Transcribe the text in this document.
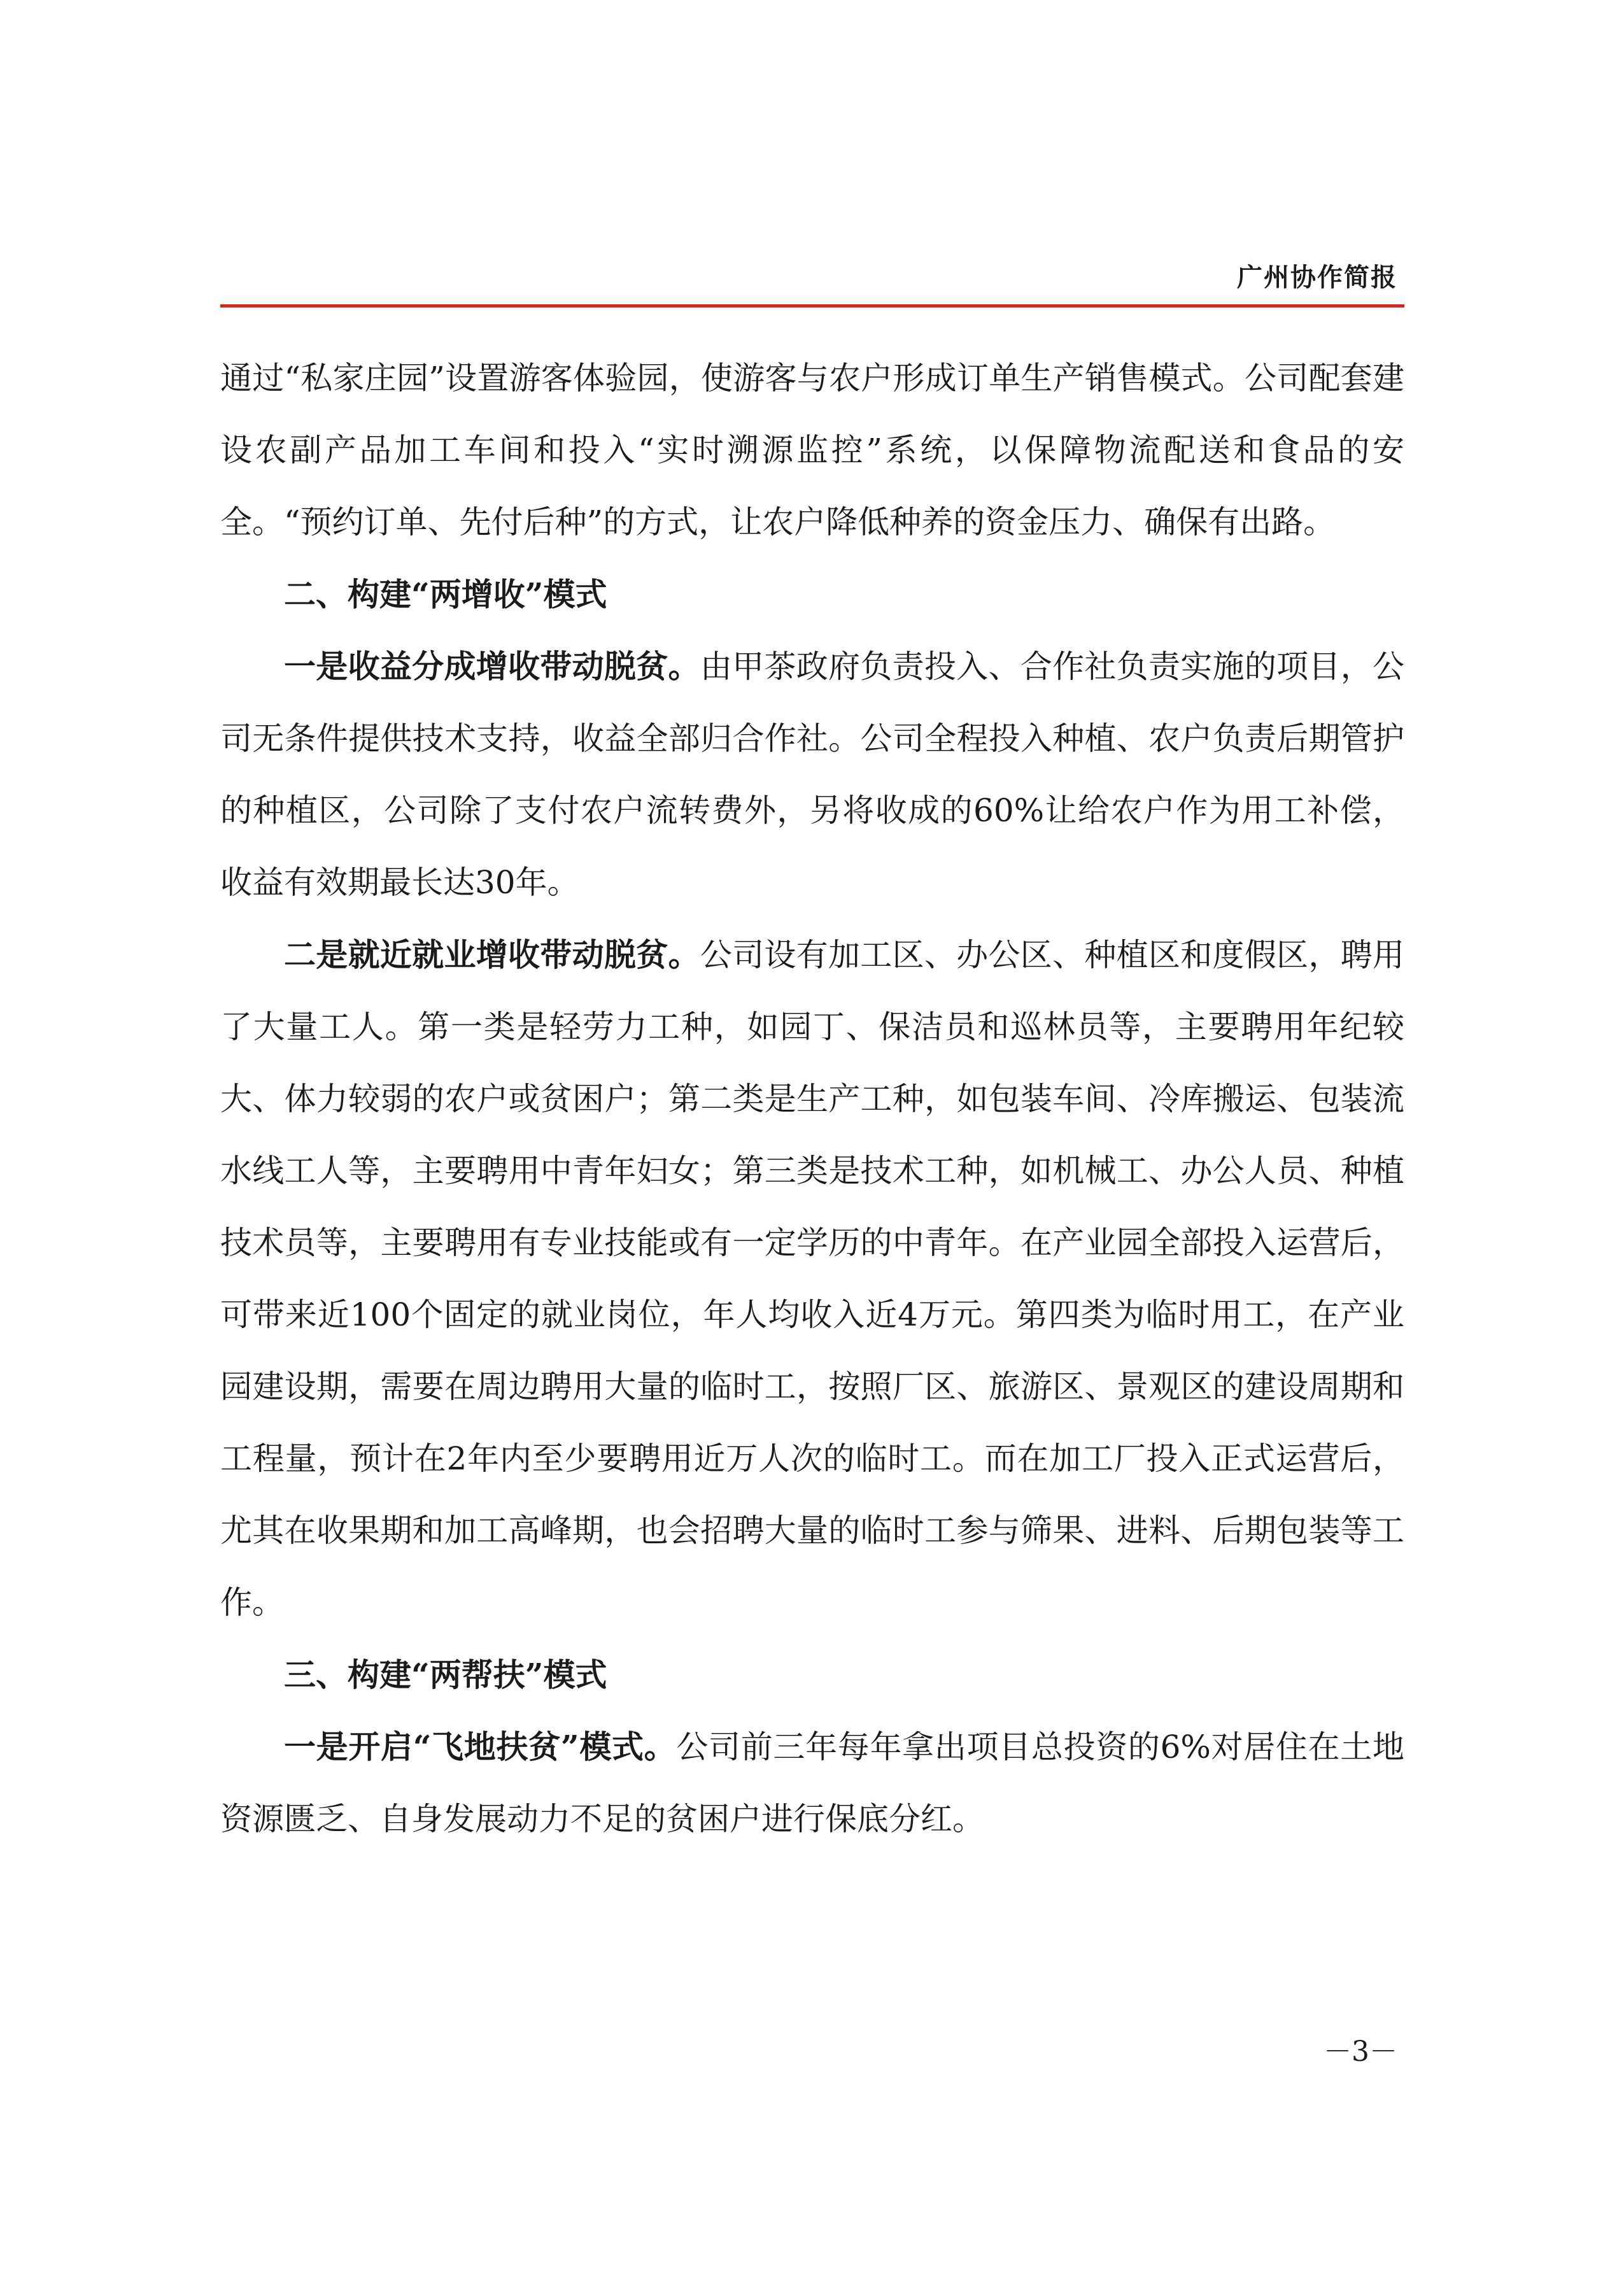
广州协作简报

通过“私家庄园”设置游客体验园，使游客与农户形成订单生产销售模式。公司配套建设农副产品加工车间和投入“实时溯源监控”系统，以保障物流配送和食品的安全。“预约订单、先付后种”的方式，让农户降低种养的资金压力、确保有出路。

二、构建“两增收”模式

一是收益分成增收带动脱贫。由甲茶政府负责投入、合作社负责实施的项目，公司无条件提供技术支持，收益全部归合作社。公司全程投入种植、农户负责后期管护的种植区，公司除了支付农户流转费外，另将收成的60%让给农户作为用工补偿，收益有效期最长达30年。

二是就近就业增收带动脱贫。公司设有加工区、办公区、种植区和度假区，聘用了大量工人。第一类是轻劳力工种，如园丁、保洁员和巡林员等，主要聘用年纪较大、体力较弱的农户或贫困户；第二类是生产工种，如包装车间、冷库搬运、包装流水线工人等，主要聘用中青年妇女；第三类是技术工种，如机械工、办公人员、种植技术员等，主要聘用有专业技能或有一定学历的中青年。在产业园全部投入运营后，可带来近100个固定的就业岗位，年人均收入近4万元。第四类为临时用工，在产业园建设期，需要在周边聘用大量的临时工，按照厂区、旅游区、景观区的建设周期和工程量，预计在2年内至少要聘用近万人次的临时工。而在加工厂投入正式运营后，尤其在收果期和加工高峰期，也会招聘大量的临时工参与筛果、进料、后期包装等工作。

三、构建“两帮扶”模式

一是开启“飞地扶贫”模式。公司前三年每年拿出项目总投资的6%对居住在土地资源匮乏、自身发展动力不足的贫困户进行保底分红。

－3－
